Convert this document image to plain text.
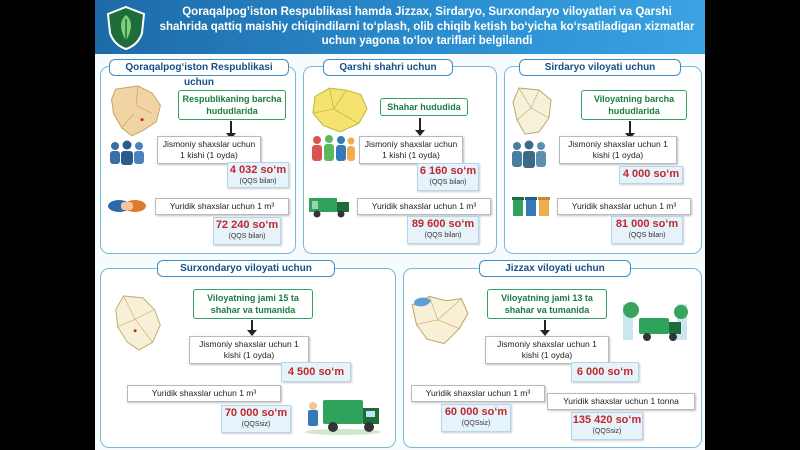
Qoraqalpog’iston Respublikasi hamda Jizzax, Sirdaryo, Surxondaryo viloyatlari va Qarshi shahrida qattiq maishiy chiqindilarni to‘plash, olib chiqib ketish bo‘yicha ko‘rsatiladigan xizmatlar uchun yagona to‘lov tariflari belgilandi
Qoraqalpog‘iston Respublikasi uchun
Respublikaning barcha hududlarida
Jismoniy shaxslar uchun 1 kishi (1 oyda)
4 032 so‘m
(QQS bilan)
Yuridik shaxslar uchun 1 m³
72 240 so‘m
(QQS bilan)
Qarshi shahri uchun
Shahar hududida
Jismoniy shaxslar uchun 1 kishi (1 oyda)
6 160 so‘m
(QQS bilan)
Yuridik shaxslar uchun 1 m³
89 600 so‘m
(QQS bilan)
Sirdaryo viloyati uchun
Viloyatning barcha hududlarida
Jismoniy shaxslar uchun 1 kishi (1 oyda)
4 000 so‘m
Yuridik shaxslar uchun 1 m³
81 000 so‘m
(QQS bilan)
Surxondaryo viloyati uchun
Viloyatning jami 15 ta shahar va tumanida
Jismoniy shaxslar uchun 1 kishi (1 oyda)
4 500 so‘m
Yuridik shaxslar uchun 1 m³
70 000 so‘m
(QQSsiz)
Jizzax viloyati uchun
Viloyatning jami 13 ta shahar va tumanida
Jismoniy shaxslar uchun 1 kishi (1 oyda)
6 000 so‘m
Yuridik shaxslar uchun 1 m³
60 000 so‘m
(QQSsiz)
Yuridik shaxslar uchun 1 tonna
135 420 so‘m
(QQSsiz)
